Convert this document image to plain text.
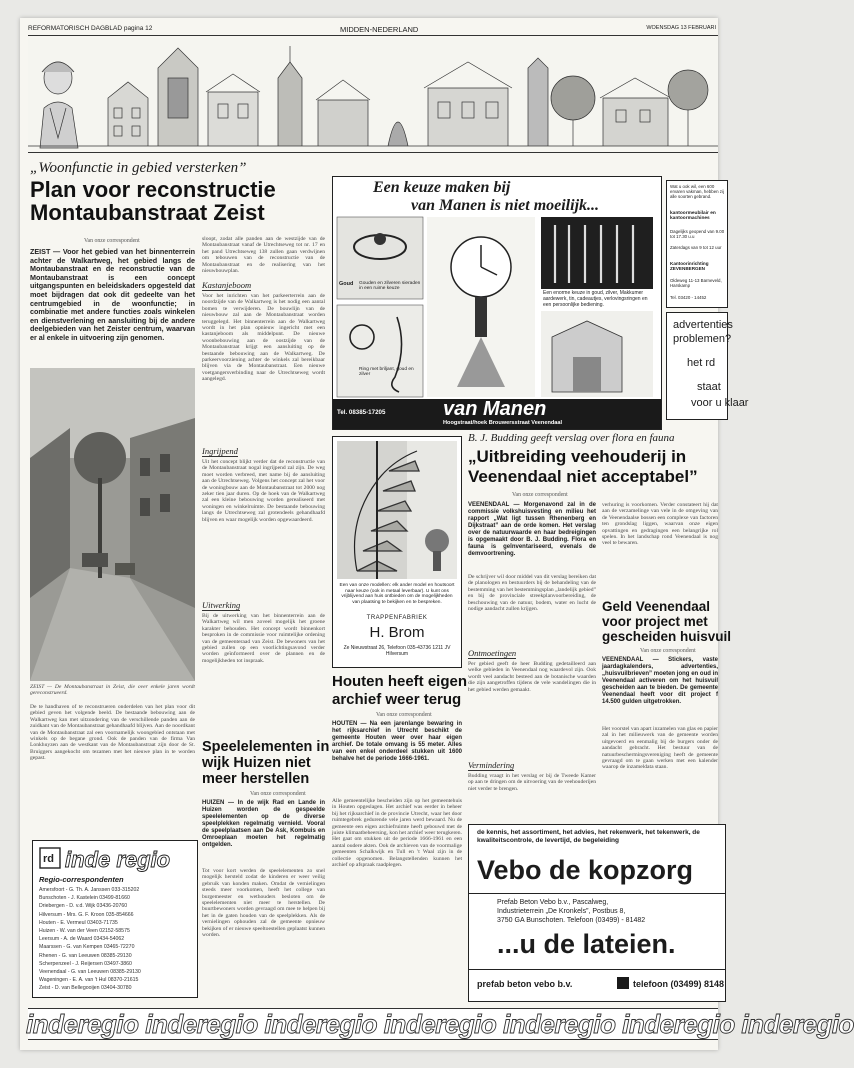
REFORMATORISCH DAGBLAD pagina 12	MIDDEN-NEDERLAND	WOENSDAG 13 FEBRUARI
„Woonfunctie in gebied versterken”
Plan voor reconstructie
Montaubanstraat Zeist
Van onze correspondent
ZEIST — Voor het gebied van het binnenterrein achter de Walkartweg, het gebied langs de Montaubanstraat en de reconstructie van de Montaubanstraat is een concept uitgangspunten en beleidskaders opgesteld dat moet bijdragen dat ook dit gedeelte van het centrumgebied in de woonfunctie; in combinatie met andere functies zoals winkelen en dienstverlening en aansluiting bij de andere deelgebieden van het Zeister centrum, waarvan er al enkele in uitvoering zijn genomen.
sloopt, zodat alle panden aan de westzijde van de Montaubanstraat vanaf de Utrechtseweg tot nr. 17 en het pand Utrechtseweg 138 zullen gaan verdwijnen om tebouwen van de reconstructie van de Montaubanstraat en de realisering van het nieuwbouwplan.
Kastanjeboom
Voor het inrichten van het parkeerterrein aan de noordzijde van de Walkartweg is het nodig een aantal bomen te verwijderen. De bouwlijn van de nieuwbouw zal aan de Montaubanstraat worden teruggelegd. Het binnenterrein aan de Walkartweg wordt in het plan opnieuw ingericht met een kastanjeboom als middelpunt. De nieuwe woonbebouwing aan de oostzijde van de Montaubanstraat krijgt een aansluiting op de bestaande bebouwing aan de Walkartweg. De parkeervoorziening achter de winkels zal bereikbaar blijven via de Montaubanstraat. Een nieuwe voetgangersverbinding naar de Utrechtseweg wordt aangelegd.
Ingrijpend
Uit het concept blijkt verder dat de reconstructie van de Montaubanstraat nogal ingrijpend zal zijn. De weg moet worden verbreed, met name bij de aansluiting aan de Utrechtseweg. Volgens het concept zal het voor de woningbouw aan de Montaubanstraat tot 2000 nog zeker tien jaar duren. Op de hoek van de Walkartweg zal een kleine bebouwing worden gerealiseerd met woningen en winkelruimte. De bestaande bebouwing langs de Utrechtseweg zal grotendeels gehandhaafd blijven en waar mogelijk worden opgewaardeerd.
Uitwerking
Bij de uitwerking van het binnenterrein aan de Walkartweg wil men zoveel mogelijk het groene karakter behouden. Het concept wordt binnenkort besproken in de commissie voor ruimtelijke ordening van de gemeenteraad van Zeist. De bewoners van het gebied zullen op een voorlichtingsavond verder worden geïnformeerd over de plannen en de mogelijkheden tot inspraak.
ZEIST — De Montaubanstraat in Zeist, die over enkele jaren wordt gereconstrueerd.
De te handhaven of te reconstrueren onderdelen van het plan voor dit gebied geven het volgende beeld. De bestaande bebouwing aan de Walkartweg kan met uitzondering van de verschillende panden aan de zuidkant van de Montaubanstraat gehandhaafd blijven. Aan de noordkant van de Montaubanstraat zal een voornamelijk woongebied ontstaan met winkels op de begane grond. Ook de panden van de firma Van Lonkhuyzen aan de westkant van de Montaubanstraat zijn door de St. Bruiggers aangekocht om tezamen met het nieuwe plan in te worden gepast.
Speelelementen in
wijk Huizen niet
meer herstellen
Van onze correspondent
HUIZEN — In de wijk Rad en Lande in Huizen worden de gespeelde speelelementen op de diverse speelplekken regelmatig vernield. Vooral de speelplaatsen aan De Ask, Kombuis en Omroeplaan moeten het regelmatig ontgelden.
Tot voor kort werden de speelelementen zo snel mogelijk hersteld zodat de kinderen er weer veilig gebruik van konden maken. Omdat de vernielingen steeds meer voorkomen, heeft het college van burgemeester en wethouders besloten om de speelelementen niet meer te herstellen. De buurtbewoners worden gevraagd om mee te helpen bij het in de gaten houden van de speelplekken. Als de vernielingen ophouden zal de gemeente opnieuw bekijken of er nieuwe speeltoestellen geplaatst kunnen worden.
rd inde regio
Regio-correspondenten
Amersfoort - G. Th. A. Janssen 033-315202
Bunschoten - J. Kastelein 03499-81660
Driebergen - D. v.d. Wijk 03436-20760
Hilversum - Mrs. G. F. Kroon 035-854666
Houten - E. Vermeul 03403-71735
Huizen - W. van der Veen 02152-58575
Leersum - A. de Waard 03434-54062
Maarssen - G. van Kempen 03465-72270
Rhenen - G. van Leeuwen 08385-29130
Scherpenzeel - J. Reijersen 03497-3860
Veenendaal - G. van Leeuwen 08385-29130
Wageningen - E. A. van 't Hul 08370-21615
Zeist - D. van Bellegooijen 03404-30780
Een keuze maken bij
van Manen is niet moeilijk...
Goud Gouden en zilveren sieraden in een ruime keuze
Ring met briljant, goud en zilver
Een enorme keuze in goud, zilver, Makkumer aardewerk, tin, cadeautjes, verlovingsringen en een persoonlijke bediening.
Tel. 08385-17205	van Manen
Hoogstraat/hoek Brouwersstraat Veenendaal
Wat u ook wil, een 600 ervaren vakman, hebben zij alle soorten gebrand.
kantoormeubilair en kantoormachines
Dagelijks geopend van 9.00 tot 17.30 u.u
Zaterdags van 9 tot 12 uur
Kantoorinrichting ZEVENBERGEN
Oldeweg 11-13 Barneveld, Harskamp
Tel. 03420 - 14452
advertenties
problemen?
het rd
staat
voor u klaar
Een van onze modellen: elk ander model en houtsoort naar keuze (ook in metaal leverbaar). U kunt ons vrijblijvend aan huis ontbieden om de mogelijkheden van plaatsing te bekijken en te bespreken.
TRAPPENFABRIEK
H. Brom
Ze Nieuwstraat 26, Telefoon 035-43736 1211 JV Hilversum
Houten heeft eigen
archief weer terug
Van onze correspondent
HOUTEN — Na een jarenlange bewaring in het rijksarchief in Utrecht beschikt de gemeente Houten weer over haar eigen archief. De totale omvang is 55 meter. Alles van een enkel onderdeel stukken uit 1600 behalve het de periode 1666-1961.
Alle gemeentelijke bescheiden zijn op het gemeentehuis in Houten opgeslagen. Het archief was eerder in beheer bij het rijksarchief in de provincie Utrecht, waar het door ruimtegebrek gedurende vele jaren werd bewaard. Nu de gemeente een eigen archiefruimte heeft gebouwd met de juiste klimaatbeheersing, kon het archief weer terugkeren. Het gaat om stukken uit de periode 1666-1961 en een aantal oudere akten. Ook de archieven van de voormalige gemeenten Schalkwijk en Tull en 't Waal zijn in de collectie opgenomen. Belangstellenden kunnen het archief op afspraak raadplegen.
B. J. Budding geeft verslag over flora en fauna
„Uitbreiding veehouderij in
Veenendaal niet acceptabel”
Van onze correspondent
VEENENDAAL — Morgenavond zal in de commissie volkshuisvesting en milieu het rapport „Wat ligt tussen Rhenenberg en Dijkstraat” aan de orde komen. Het verslag over de natuurwaarde en haar bedreigingen is opgemaakt door B. J. Budding. Flora en fauna is geïnventariseerd, evenals de demvoortrening.
De schrijver wil door middel van dit verslag bereiken dat de planologen en bestuurders bij de behandeling van de bestemming van het bestemmingsplan „landelijk gebied” en bij de provinciale streekplanvoorbereiding, de beschouwing van de natuur, bodem, water en lucht de nodige aandacht zullen krijgen.
Ontmoetingen
Per gebied geeft de heer Budding gedetailleerd aan welke gebieden in Veenendaal nog waardevol zijn. Ook wordt veel aandacht besteed aan de botanische waarden die zijn aangetroffen tijdens de vele wandelingen die in het gebied werden gemaakt.
Vermindering
Budding vraagt in het verslag er bij de Tweede Kamer op aan te dringen om de uitvoering van de veehouderijen niet verder te brengen.
verhuring is voorkomen. Verder constateert hij dat aan de verzamelinge van vele in de omgeving van de Veenendaalse bossen een complexe van factoren ten grondslag liggen, waarvan onze eigen opvattingen en gedragingen een belangrijke rol spelen. In het landschap rond Veenendaal is nog veel te bewaren.
Geld Veenendaal
voor project met
gescheiden huisvuil
Van onze correspondent
VEENENDAAL — Stickers, vaste jaardagkalenders, advertenties, „huisvuilbrieven” moeten jong en oud in Veenendaal activeren om het huisvuil gescheiden aan te bieden. De gemeente Veenendaal heeft voor dit project f 14.500 gulden uitgetrokken.
Het voorstel van apart inzamelen van glas en papier zal in het milieuwerk van de gemeente worden uitgevoerd en eenmalig bij de burgers onder de aandacht gebracht. Het bestuur van de natuurbeschermingsvereniging heeft de gemeente gevraagd om te gaan werken met een kalender waarop de inzameldata staan.
de kennis, het assortiment, het advies, het rekenwerk, het tekenwerk, de kwaliteitscontrole, de levertijd, de begeleiding
Vebo de kopzorg
Prefab Beton Vebo b.v., Pascalweg,
Industrieterrein „De Kronkels”, Postbus 8,
3750 GA Bunschoten. Telefoon (03499) - 81482
...u de lateien.
prefab beton vebo b.v.	telefoon (03499) 8148
inderegio inderegio inderegio inderegio inderegio inderegio inderegio
